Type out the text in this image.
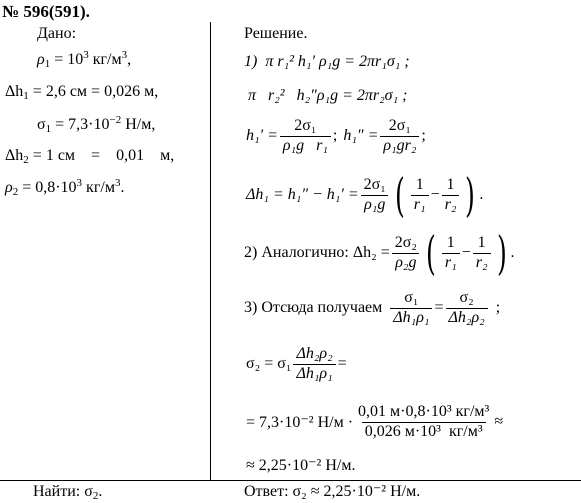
№ 596(591).
Дано:
$\rho_1 = 10^3$ $кг/м^3$,
$\Delta h_1 = 2,6$ см = 0,026 м,
$\sigma_1 = 7,3\cdot 10^{-2}$ Н/м,
$\Delta h_2 = 1$ см    =    0,01    м,
$\rho_2 = 0,8\cdot 10^3$ $кг/м^3$.
Найти: $\sigma_2$.
Решение.
1)  π r₁² h₁′ ρ₁g = 2πr₁σ₁ ;
π   r₂²   h₂″ρ₁g = 2πr₂σ₁ ;
$h_1' = \frac{\text{2σ₁}}{\text{ρ₁g   r₁}}$ ; $h_1'' = \frac{\text{2σ₁}}{\text{ρ₁gr₂}}$ ;
$\Delta h_1 = h_1'' - h_1' = \frac{\text{2σ₁}}{\text{ρ₁g}}$ ( $\frac{1}{\text{r₁}} - \frac{1}{\text{r₂}}$ ) .
2) Аналогично: $\Delta h_2 = \frac{\text{2σ₂}}{\text{ρ₂g}}$ ( $\frac{1}{\text{r₁}} - \frac{1}{\text{r₂}}$ ) .
3) Отсюда получаем $\frac{\text{σ₁}}{\text{Δh₁ρ₁}} = \frac{\text{σ₂}}{\text{Δh₂ρ₂}}$ ;
$\sigma_2 = \sigma_1 \frac{\text{Δh₂ρ₂}}{\text{Δh₁ρ₁}}$ =
= 7,3·10⁻² $Н/м \cdot \frac{\text{0,01 м·0,8·10³ кг/м³}}{\text{0,026 м·10³  кг/м³}}$ ≈
≈ 2,25·10⁻² Н/м.
Ответ: σ₂ ≈ 2,25·10⁻² Н/м.
